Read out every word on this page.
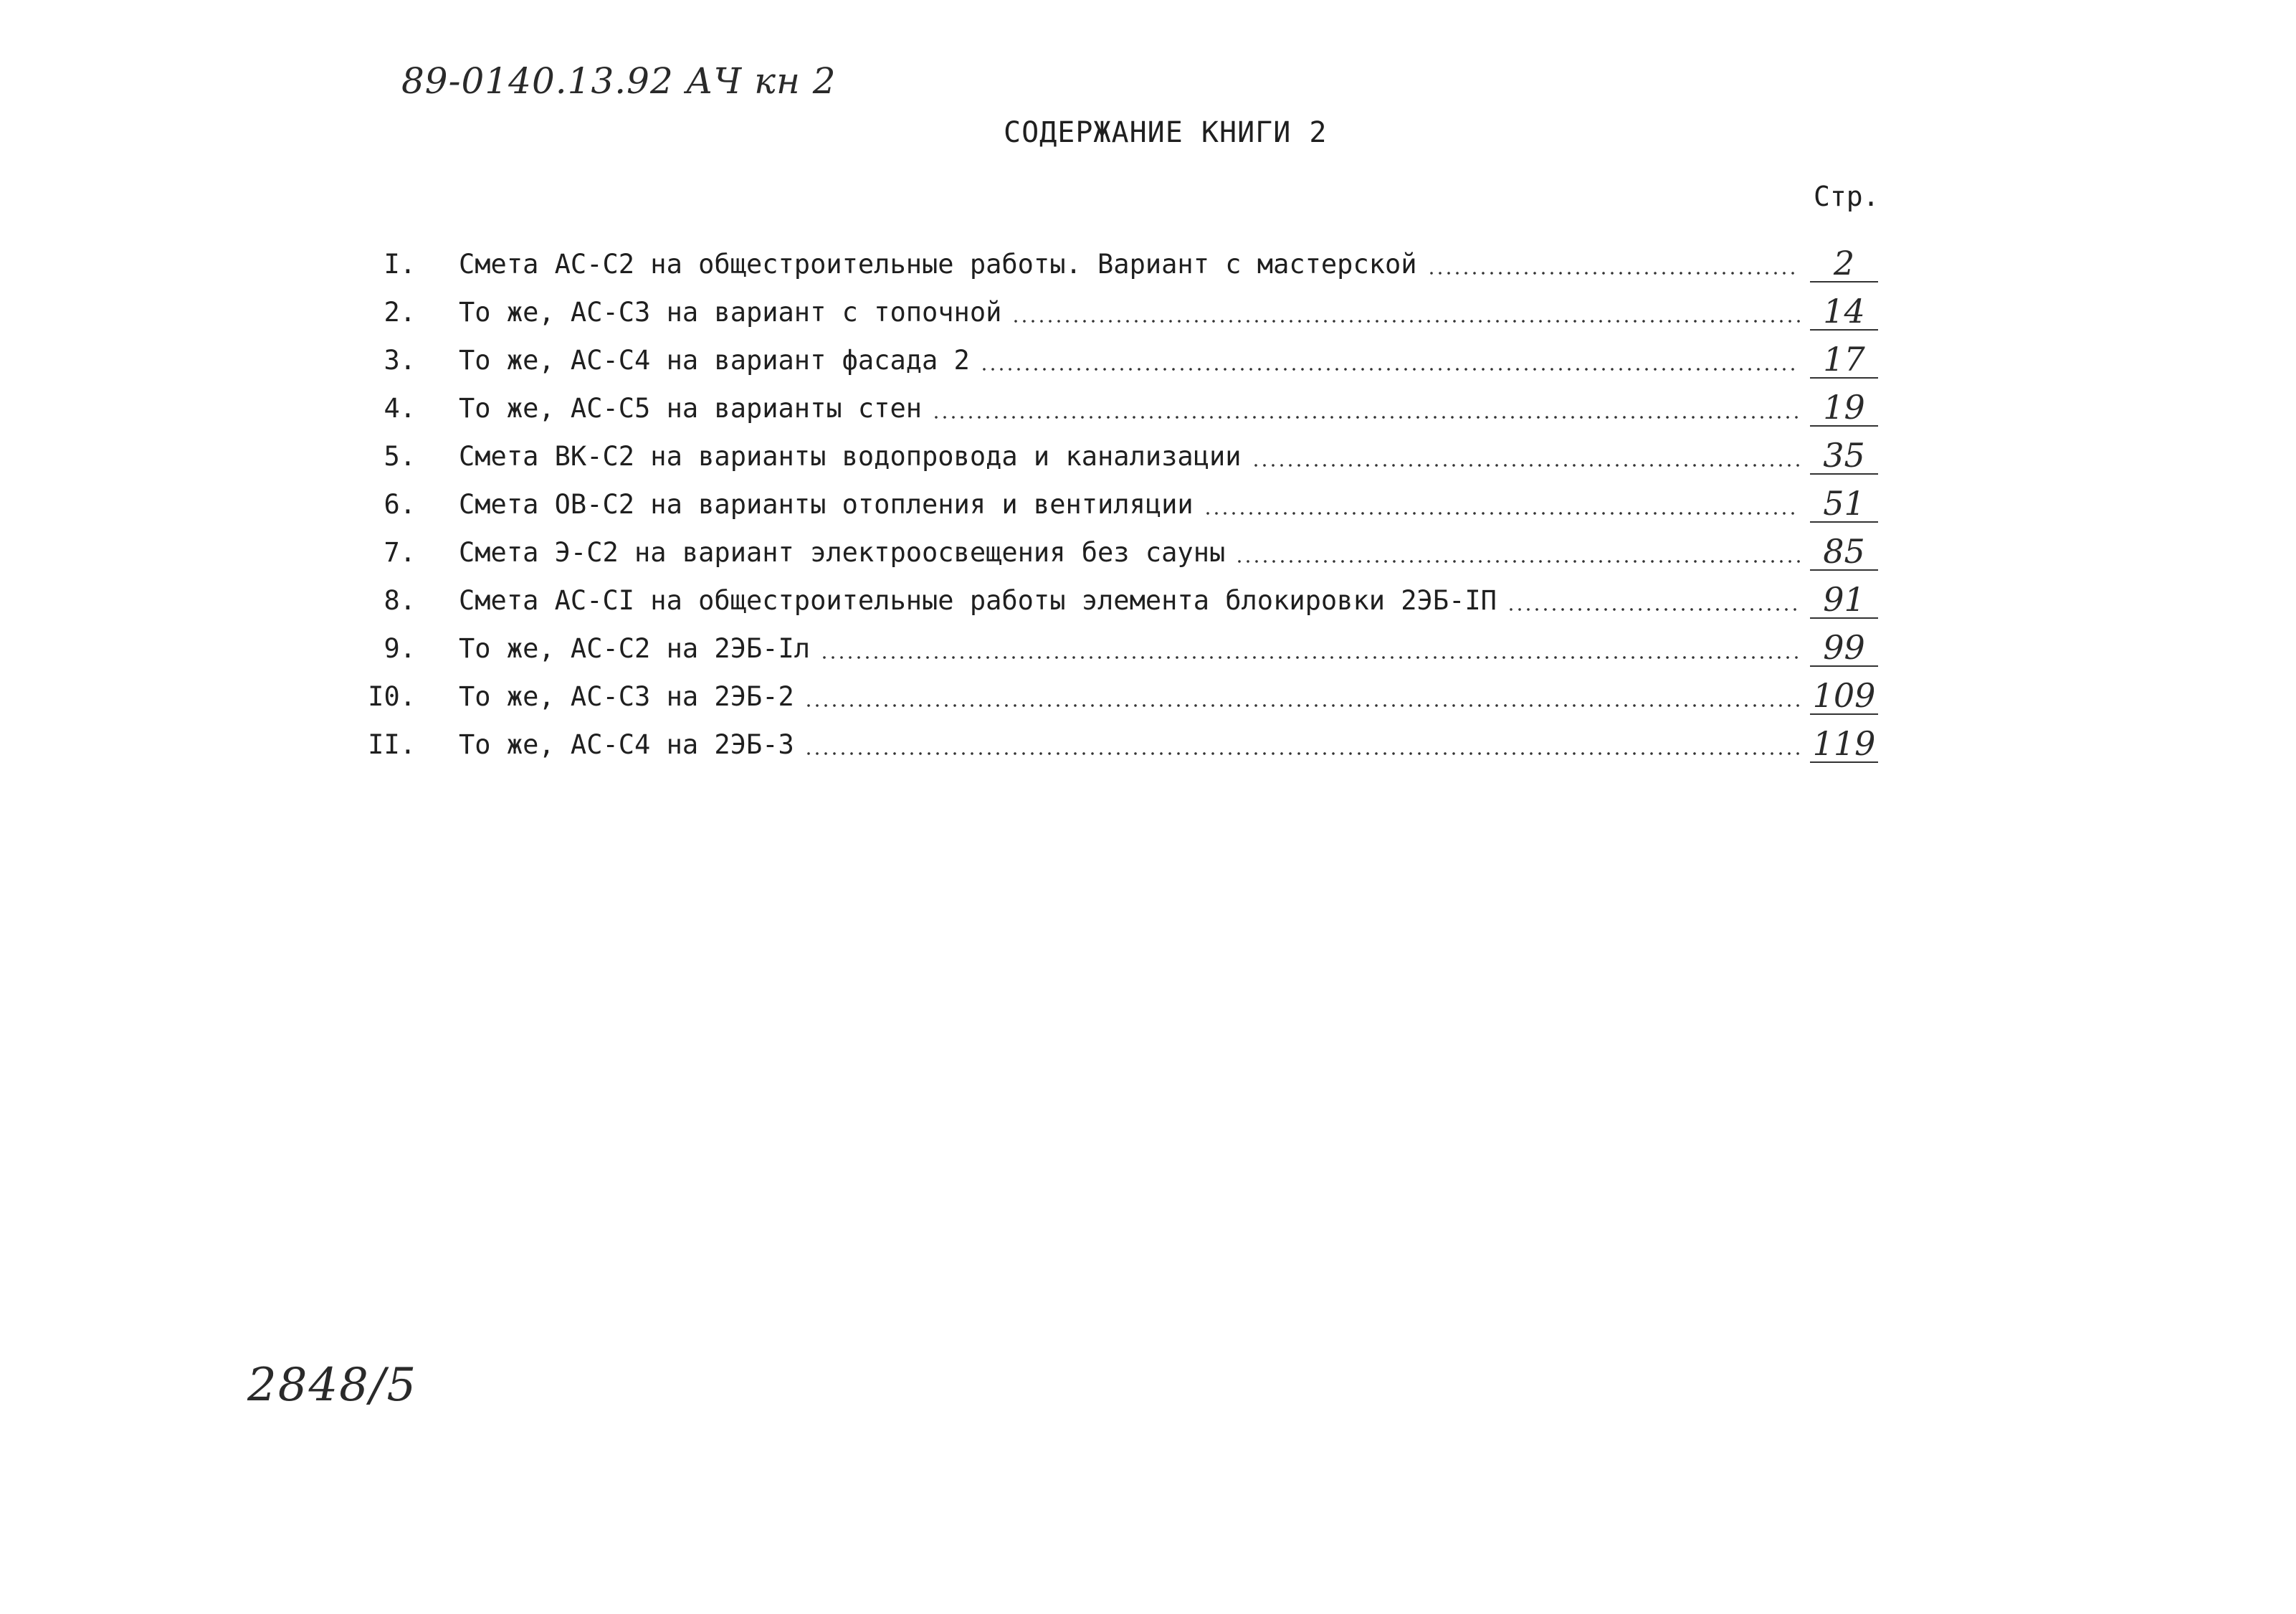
89-0140.13.92 АЧ кн 2
СОДЕРЖАНИЕ КНИГИ 2
Стр.
I. Смета АС-С2 на общестроительные работы. Вариант с мастерской	2
2. То же, АС-С3 на вариант с топочной	14
3. То же, АС-С4 на вариант фасада 2	17
4. То же, АС-С5 на варианты стен	19
5. Смета ВК-С2 на варианты водопровода и канализации	35
6. Смета ОВ-С2 на варианты отопления и вентиляции	51
7. Смета Э-С2 на вариант электроосвещения без сауны	85
8. Смета АС-СI на общестроительные работы элемента блокировки 2ЭБ-IП	91
9. То же, АС-С2 на 2ЭБ-Iл	99
I0. То же, АС-С3 на 2ЭБ-2	109
II. То же, АС-С4 на 2ЭБ-3	119
2848/5
